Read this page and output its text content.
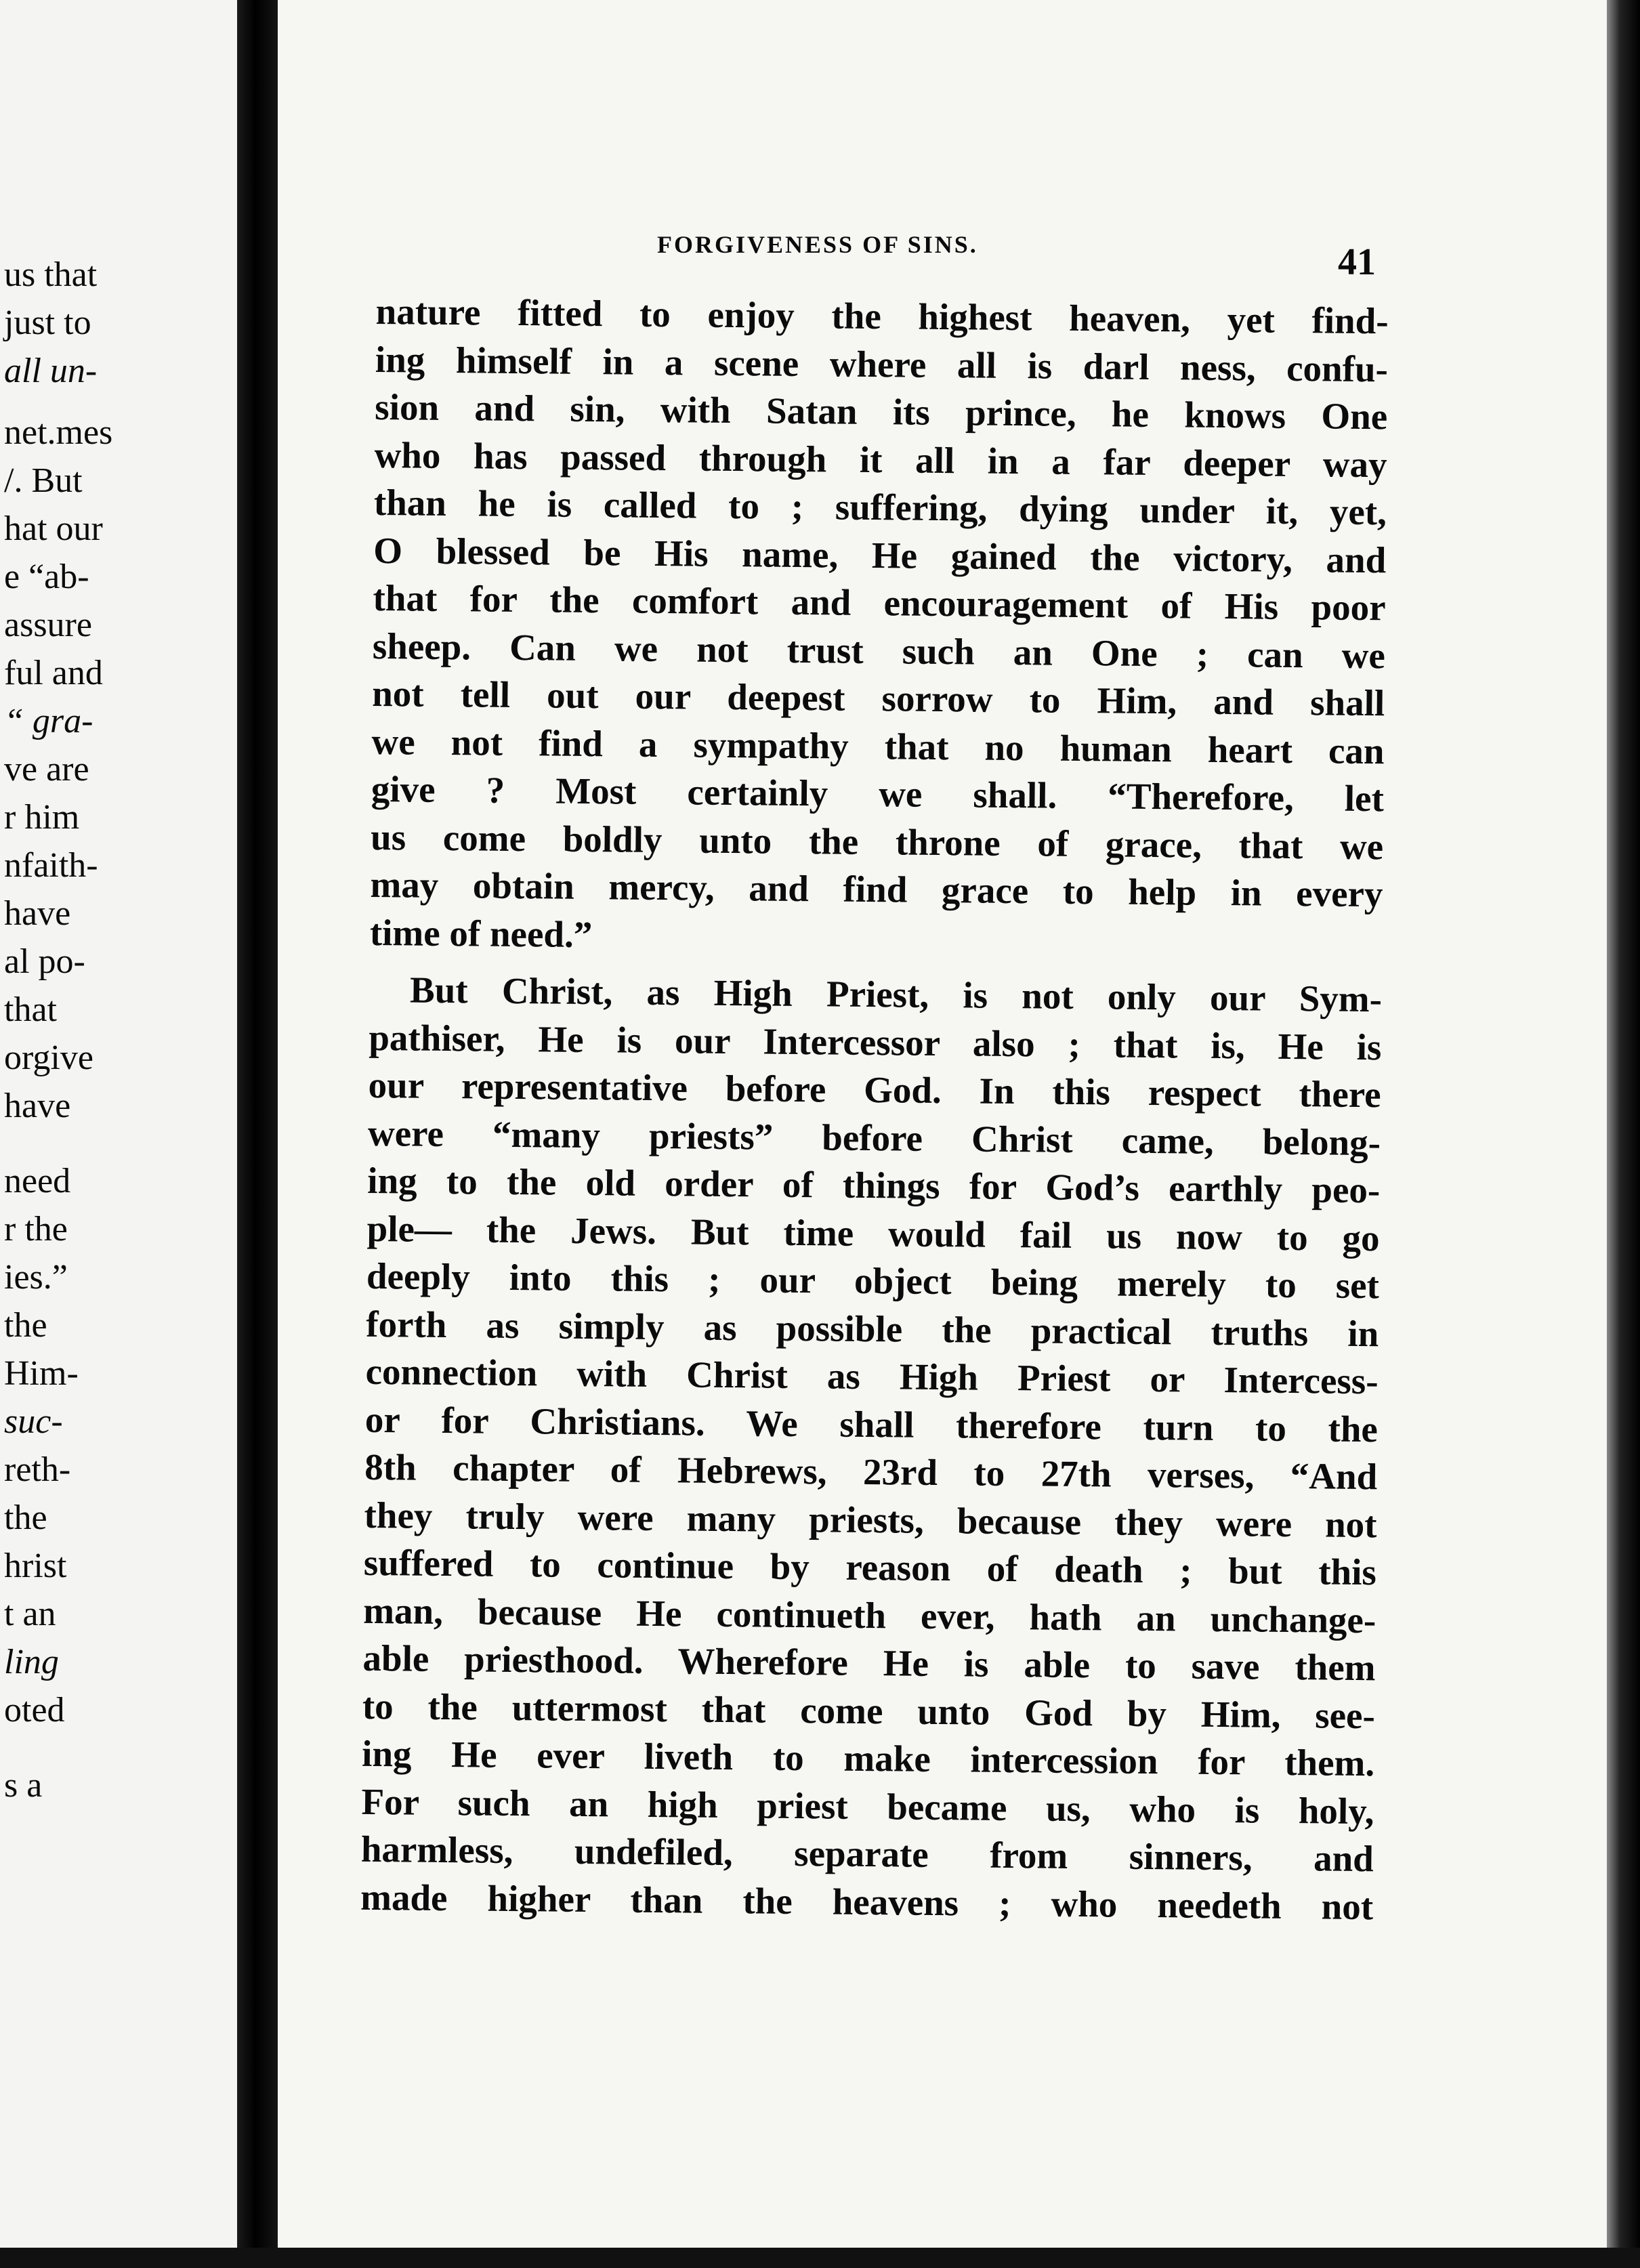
us that
just to
all un-
net.mes
/. But
hat our
e “ab-
assure
ful and
“ gra-
ve are
r him
nfaith-
have
al po-
that
orgive
have
need
r the
ies.”
the
Him-
suc-
reth-
the
hrist
t an
ling
oted
s a
FORGIVENESS OF SINS.	41
nature fitted to enjoy the highest heaven, yet find-
ing himself in a scene where all is darl ness, confu-
sion and sin, with Satan its prince, he knows One
who has passed through it all in a far deeper way
than he is called to ; suffering, dying under it, yet,
O blessed be His name, He gained the victory, and
that for the comfort and encouragement of His poor
sheep. Can we not trust such an One ; can we
not tell out our deepest sorrow to Him, and shall
we not find a sympathy that no human heart can
give ? Most certainly we shall. “Therefore, let
us come boldly unto the throne of grace, that we
may obtain mercy, and find grace to help in every
time of need.”
But Christ, as High Priest, is not only our Sym-
pathiser, He is our Intercessor also ; that is, He is
our representative before God. In this respect there
were “many priests” before Christ came, belong-
ing to the old order of things for God’s earthly peo-
ple— the Jews. But time would fail us now to go
deeply into this ; our object being merely to set
forth as simply as possible the practical truths in
connection with Christ as High Priest or Intercess-
or for Christians. We shall therefore turn to the
8th chapter of Hebrews, 23rd to 27th verses, “And
they truly were many priests, because they were not
suffered to continue by reason of death ; but this
man, because He continueth ever, hath an unchange-
able priesthood. Wherefore He is able to save them
to the uttermost that come unto God by Him, see-
ing He ever liveth to make intercession for them.
For such an high priest became us, who is holy,
harmless, undefiled, separate from sinners, and
made higher than the heavens ; who needeth not
